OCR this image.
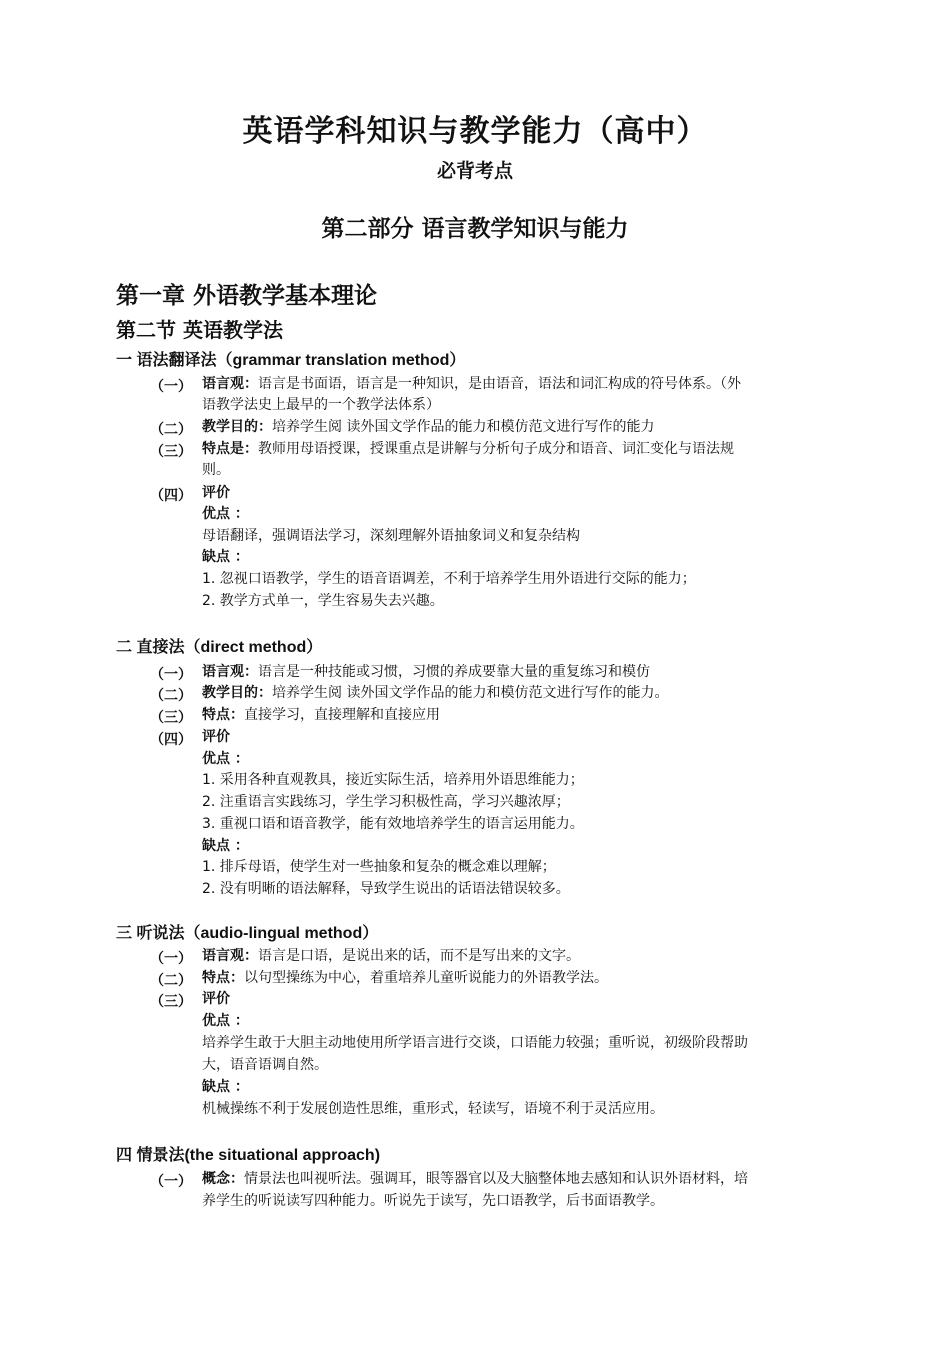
英语学科知识与教学能力（高中）
必背考点
第二部分 语言教学知识与能力
第一章 外语教学基本理论
第二节 英语教学法
一 语法翻译法（grammar translation method）
（一） 语言观：语言是书面语，语言是一种知识，是由语音，语法和词汇构成的符号体系。（外
语教学法史上最早的一个教学法体系）
（二） 教学目的：培养学生阅 读外国文学作品的能力和模仿范文进行写作的能力
（三） 特点是：教师用母语授课，授课重点是讲解与分析句子成分和语音、词汇变化与语法规
则。
（四） 评价
优点 ：
母语翻译，强调语法学习，深刻理解外语抽象词义和复杂结构
缺点 ：
1. 忽视口语教学，学生的语音语调差，不利于培养学生用外语进行交际的能力；
2. 教学方式单一，学生容易失去兴趣。
二 直接法（direct method）
（一） 语言观：语言是一种技能或习惯，习惯的养成要靠大量的重复练习和模仿
（二） 教学目的：培养学生阅 读外国文学作品的能力和模仿范文进行写作的能力。
（三） 特点：直接学习，直接理解和直接应用
（四） 评价
优点 ：
1. 采用各种直观教具，接近实际生活，培养用外语思维能力；
2. 注重语言实践练习，学生学习积极性高，学习兴趣浓厚；
3. 重视口语和语音教学，能有效地培养学生的语言运用能力。
缺点 ：
1. 排斥母语，使学生对一些抽象和复杂的概念难以理解；
2. 没有明晰的语法解释，导致学生说出的话语法错误较多。
三 听说法（audio-lingual method）
（一） 语言观：语言是口语，是说出来的话，而不是写出来的文字。
（二） 特点：以句型操练为中心，着重培养儿童听说能力的外语教学法。
（三） 评价
优点 ：
培养学生敢于大胆主动地使用所学语言进行交谈，口语能力较强；重听说，初级阶段帮助
大，语音语调自然。
缺点 ：
机械操练不利于发展创造性思维，重形式，轻读写，语境不利于灵活应用。
四 情景法(the situational approach)
（一） 概念：情景法也叫视听法。强调耳，眼等器官以及大脑整体地去感知和认识外语材料，培
养学生的听说读写四种能力。听说先于读写，先口语教学，后书面语教学。
